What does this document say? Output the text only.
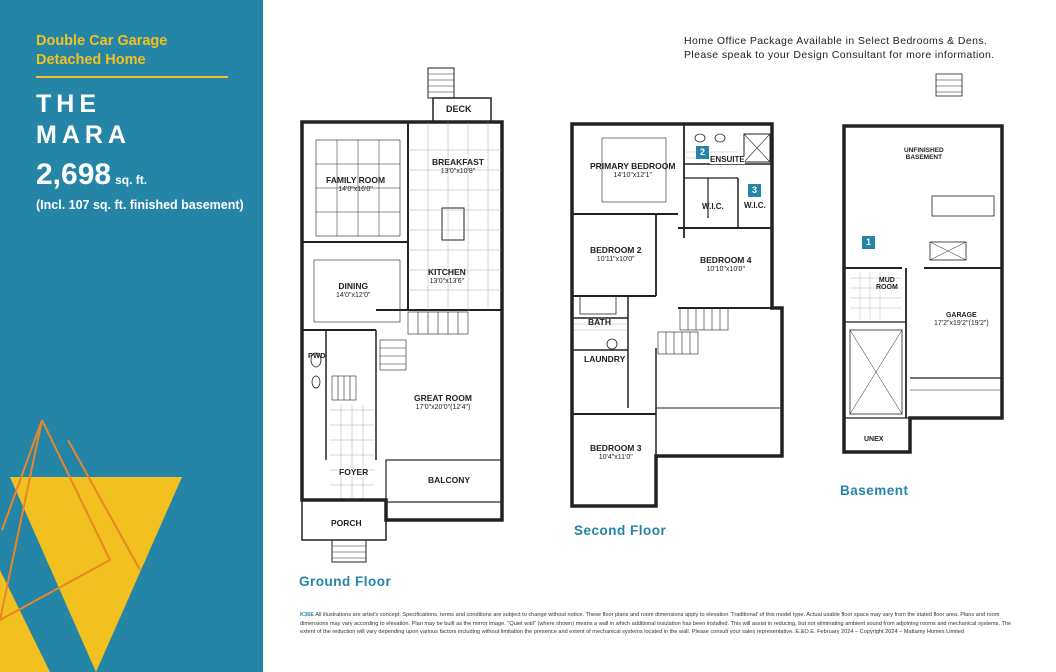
Double Car Garage
Detached Home
THE
MARA
2,698 sq. ft.
(Incl. 107 sq. ft. finished basement)
Home Office Package Available in Select Bedrooms & Dens.
Please speak to your Design Consultant for more information.
DECK
FAMILY ROOM
14'0"x16'0"
BREAKFAST
13'0"x10'8"
KITCHEN
13'0"x13'6"
DINING
14'0"x12'0"
PWD
GREAT ROOM
17'0"x20'0"(12'4")
FOYER
BALCONY
PORCH
Ground Floor
PRIMARY BEDROOM
14'10"x12'1"
ENSUITE
W.I.C.	W.I.C.
BEDROOM 2
10'11"x10'0"	BEDROOM 4
10'10"x10'0"
BATH
LAUNDRY
BEDROOM 3
10'4"x11'0"
2
3
Second Floor
UNFINISHED
BASEMENT
MUD
ROOM
GARAGE
17'2"x19'2"(19'2")
UNEX
1
Basement
K36E All illustrations are artist's concept. Specifications, terms and conditions are subject to change without notice. These floor plans and room dimensions apply to elevation 'Traditional' of this model type. Actual usable floor space may vary from the stated floor area. Plans and room dimensions may vary according to elevation. Plan may be built as the mirror image. "Quiet wall" (where shown) means a wall in which additional insulation has been installed. This will assist in reducing, but not eliminating ambient sound from adjoining rooms and mechanical systems. The extent of the reduction will vary depending upon various factors including without limitation the presence and extent of mechanical systems located in the wall. Please consult your sales representative. E.&O.E. February 2024 – Copyright 2024 – Mattamy Homes Limited
